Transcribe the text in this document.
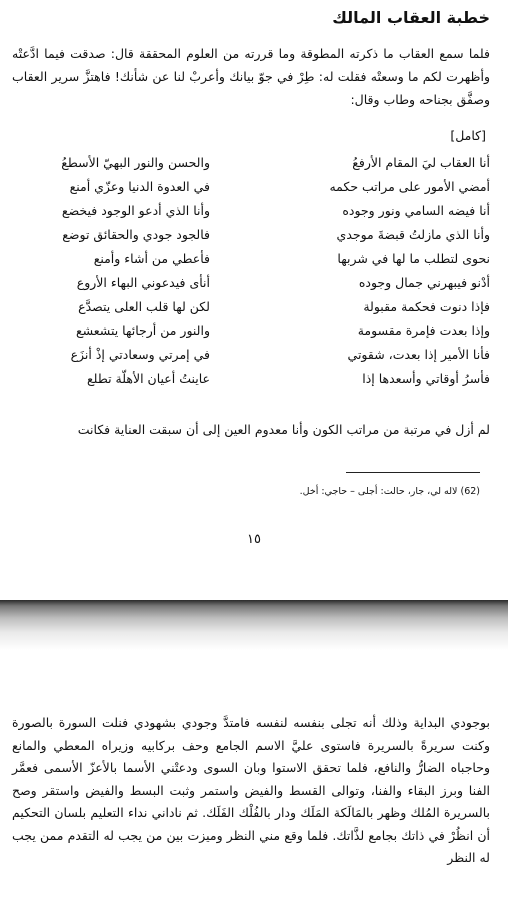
خطبة العقاب المالك
فلما سمع العقاب ما ذكرته المطوقة وما قررته من العلوم المحققة قال: صدقت فيما ادَّعتْه وأظهرت لكم ما وسعتْه فقلت له: طِرْ في جوّ بيانك وأعربْ لنا عن شأنك! فاهتزَّ سرير العقاب وصفَّق بجناحه وطاب وقال:
[كامل]
أنا العقاب ليَ المقام الأرفعُ
والحسن والنور البهيّ الأسطعُ
أمضي الأمور على مراتب حكمه
في العدوة الدنيا وعزّي أمنع
أنا فيضه السامي ونور وجوده
وأنا الذي أدعو الوجود فيخضع
وأنا الذي مازلتُ قبضةَ موجدي
فالجود جودي والحقائق توضع
نحوى لتطلب ما لها في شربها
فأعطي من أشاء وأمنع
أدْنو فيبهرني جمال وجوده
أنأى فيدعوني البهاء الأروع
فإذا دنوت فحكمة مقبولة
لكن لها قلب العلى يتصدَّع
وإذا بعدت فإمرة مقسومة
والنور من أرجائها يتشعشع
فأنا الأمير إذا بعدت، شقوتي
في إمرتي وسعادتي إذْ أنزَع
فأسرُ أوقاتي وأسعدها إذا
عاينتُ أعيان الأهلّة تطلع
لم أزل في مرتبة من مراتب الكون وأنا معدوم العين إلى أن سبقت العناية فكانت
(62) لاله لي، جار، حالت: أجلى – حاجي: أخل.
١٥
بوجودي البداية وذلك أنه تجلى بنفسه لنفسه فامتدَّ وجودي بشهودي فنلت السورة بالصورة وكنت سريرةً بالسريرة فاستوى عليَّ الاسم الجامع وحف بركابيه وزيراه المعطي والمانع وحاجباه الضارُّ والنافع، فلما تحقق الاستوا وبان السوى ودعتْني الأسما بالأعزّ الأسمى فعمَّر الفنا وبرز البقاء والفنا، وتوالى القسط والفيض واستمر وثبت البسط والفيض واستقر وصح بالسريرة المُلك وظهر بالمَالَكة المَلَك ودار بالفُلْك الفَلَك. ثم ناداني نداء التعليم بلسان التحكيم أن انظُرْ في ذاتك بجامع لذَّاتك. فلما وقع مني النظر وميزت بين من يجب له التقدم ممن يجب له النظر
